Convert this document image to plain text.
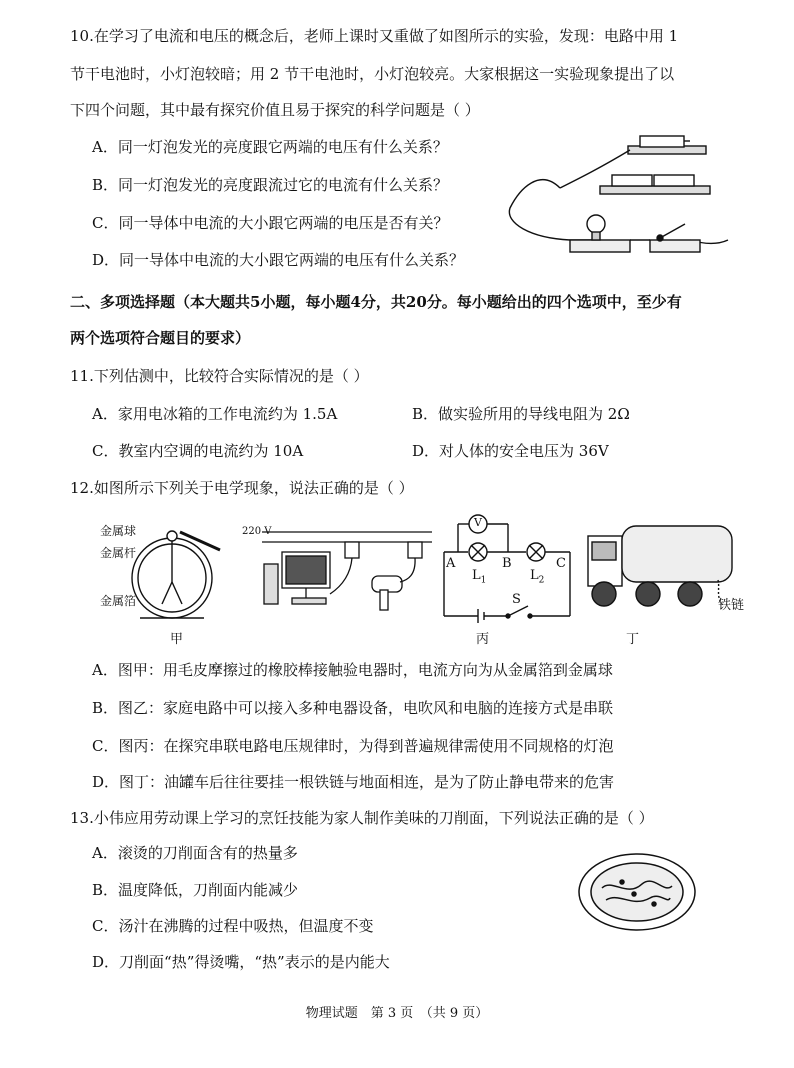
10.在学习了电流和电压的概念后，老师上课时又重做了如图所示的实验，发现：电路中用 1
节干电池时，小灯泡较暗；用 2 节干电池时，小灯泡较亮。大家根据这一实验现象提出了以
下四个问题，其中最有探究价值且易于探究的科学问题是（ ）
A．同一灯泡发光的亮度跟它两端的电压有什么关系？
B．同一灯泡发光的亮度跟流过它的电流有什么关系？
C．同一导体中电流的大小跟它两端的电压是否有关？
D．同一导体中电流的大小跟它两端的电压有什么关系？
二、多项选择题（本大题共5小题，每小题4分，共20分。每小题给出的四个选项中，至少有
两个选项符合题目的要求）
11.下列估测中，比较符合实际情况的是（ ）
A．家用电冰箱的工作电流约为 1.5A	B．做实验所用的导线电阻为 2Ω
C．教室内空调的电流约为 10A	D．对人体的安全电压为 36V
12.如图所示下列关于电学现象，说法正确的是（ ）
金属球
金属杆
金属箔
甲
220 V
V
A	B	C
$L_1$	$L_2$
S
丙
铁链
丁
A．图甲：用毛皮摩擦过的橡胶棒接触验电器时，电流方向为从金属箔到金属球
B．图乙：家庭电路中可以接入多种电器设备，电吹风和电脑的连接方式是串联
C．图丙：在探究串联电路电压规律时，为得到普遍规律需使用不同规格的灯泡
D．图丁：油罐车后往往要挂一根铁链与地面相连，是为了防止静电带来的危害
13.小伟应用劳动课上学习的烹饪技能为家人制作美味的刀削面，下列说法正确的是（ ）
A．滚烫的刀削面含有的热量多
B．温度降低，刀削面内能减少
C．汤汁在沸腾的过程中吸热，但温度不变
D．刀削面“热”得烫嘴，“热”表示的是内能大
物理试题　第 3 页　（共 9 页）
